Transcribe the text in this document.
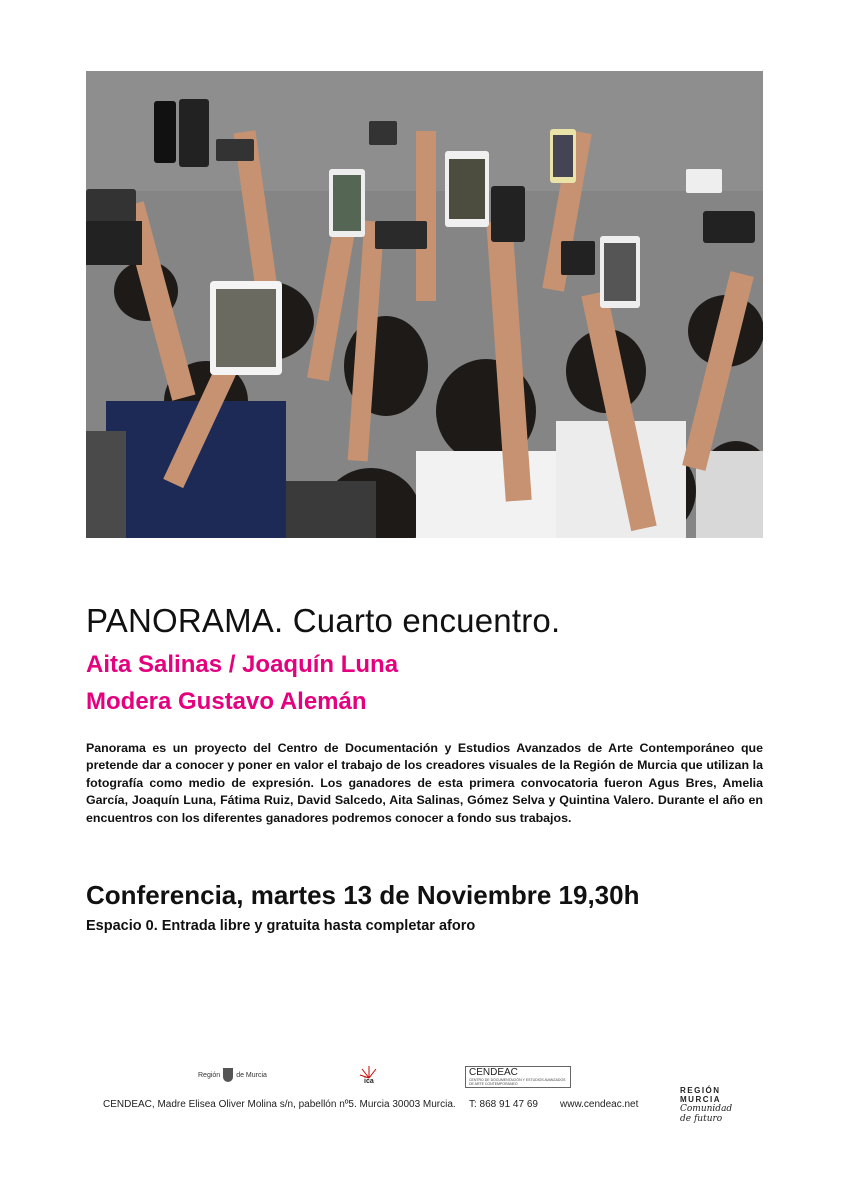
PANORAMA. Cuarto encuentro.

Aita Salinas / Joaquín Luna

Modera Gustavo Alemán

Panorama es un proyecto del Centro de Documentación y Estudios Avanzados de Arte Contemporáneo que pretende dar a conocer y poner en valor el trabajo de los creadores visuales de la Región de Murcia que utilizan la fotografía como medio de expresión. Los ganadores de esta primera convocatoria fueron Agus Bres, Amelia García, Joaquín Luna, Fátima Ruiz, David Salcedo, Aita Salinas, Gómez Selva y Quintina Valero. Durante el año en encuentros con los diferentes ganadores podremos conocer a fondo sus trabajos.

Conferencia, martes 13 de Noviembre 19,30h

Espacio 0. Entrada libre y gratuita hasta completar aforo

Región de Murcia
ica
CENDEAC
CENTRO DE DOCUMENTACIÓN Y ESTUDIOS AVANZADOS DE ARTE CONTEMPORÁNEO
REGIÓN
MURCIA
Comunidad
de futuro
CENDEAC, Madre Elisea Oliver Molina s/n, pabellón nº5. Murcia 30003 Murcia. T: 868 91 47 69 www.cendeac.net
